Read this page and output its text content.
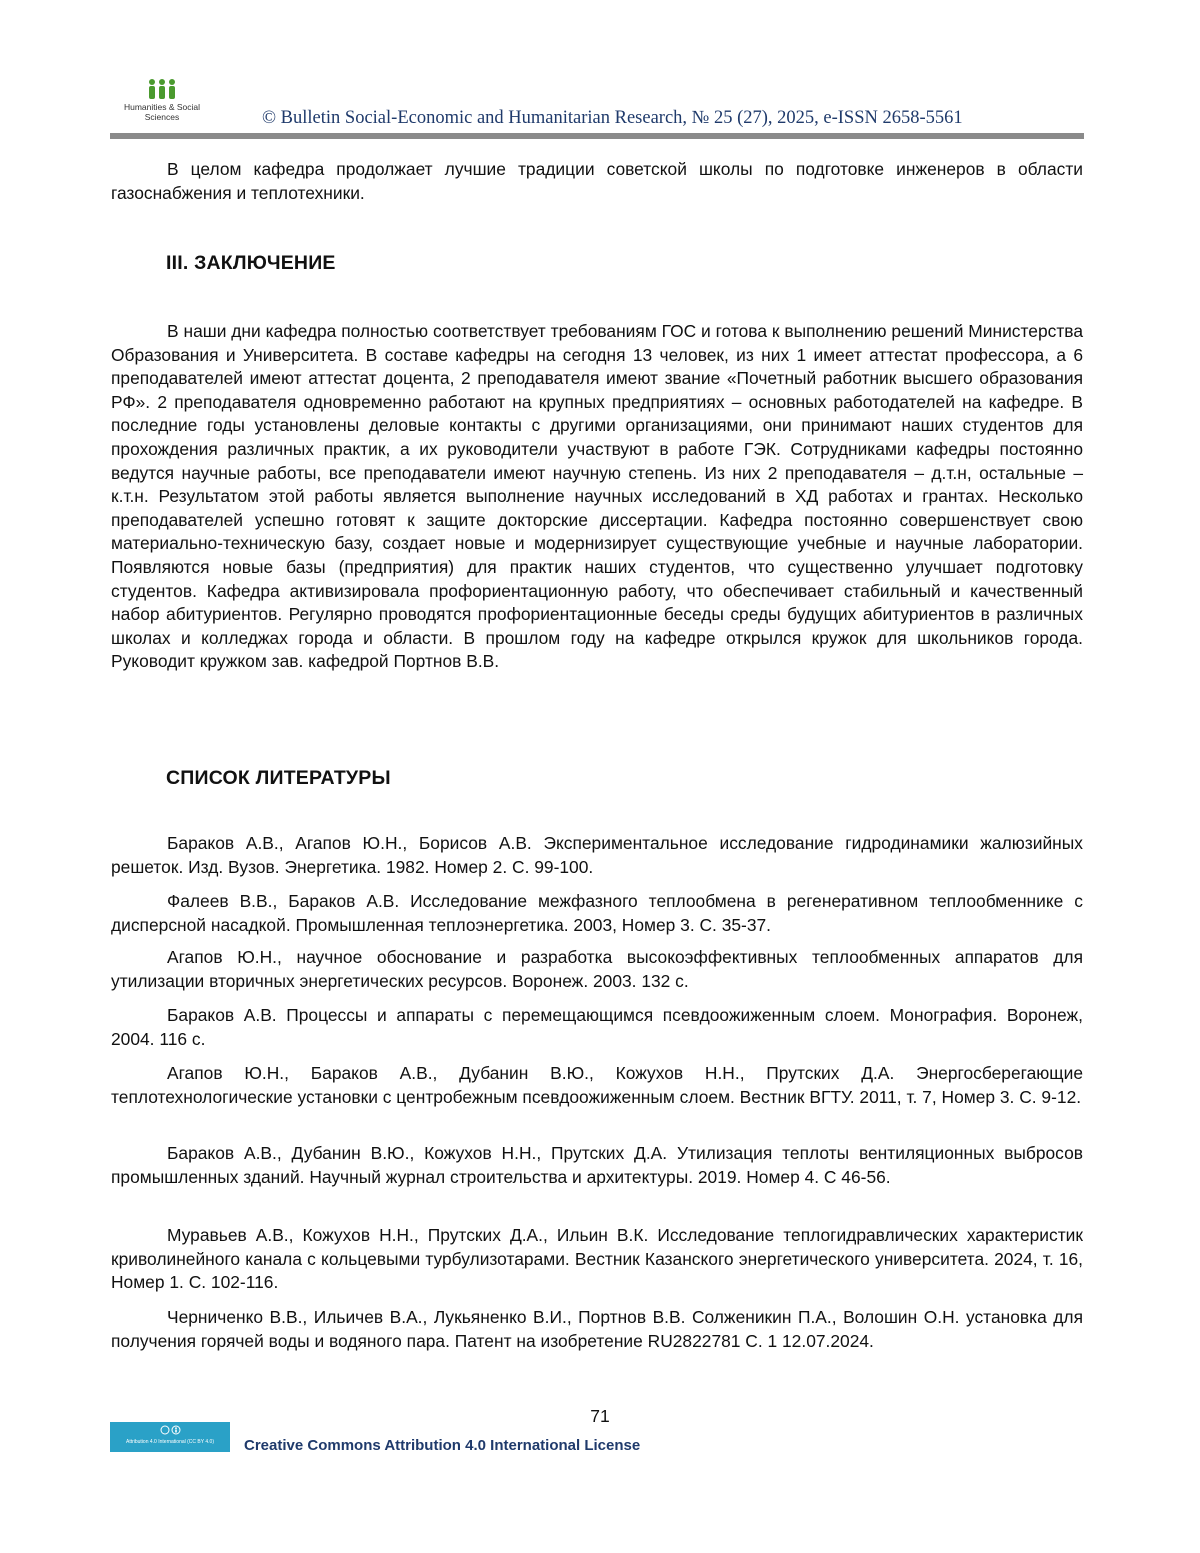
Humanities & Social
Sciences	© Bulletin Social-Economic and Humanitarian Research, № 25 (27), 2025, e-ISSN 2658-5561

В целом кафедра продолжает лучшие традиции советской школы по подготовке инженеров в области газоснабжения и теплотехники.

III. ЗАКЛЮЧЕНИЕ

В наши дни кафедра полностью соответствует требованиям ГОС и готова к выполнению решений Министерства Образования и Университета. В составе кафедры на сегодня 13 человек, из них 1 имеет аттестат профессора, а 6 преподавателей имеют аттестат доцента, 2 преподавателя имеют звание «Почетный работник высшего образования РФ». 2 преподавателя одновременно работают на крупных предприятиях – основных работодателей на кафедре. В последние годы установлены деловые контакты с другими организациями, они принимают наших студентов для прохождения различных практик, а их руководители участвуют в работе ГЭК. Сотрудниками кафедры постоянно ведутся научные работы, все преподаватели имеют научную степень. Из них 2 преподавателя – д.т.н, остальные – к.т.н. Результатом этой работы является выполнение научных исследований в ХД работах и грантах. Несколько преподавателей успешно готовят к защите докторские диссертации. Кафедра постоянно совершенствует свою материально-техническую базу, создает новые и модернизирует существующие учебные и научные лаборатории. Появляются новые базы (предприятия) для практик наших студентов, что существенно улучшает подготовку студентов. Кафедра активизировала профориентационную работу, что обеспечивает стабильный и качественный набор абитуриентов. Регулярно проводятся профориентационные беседы среды будущих абитуриентов в различных школах и колледжах города и области. В прошлом году на кафедре открылся кружок для школьников города. Руководит кружком зав. кафедрой Портнов В.В.

СПИСОК ЛИТЕРАТУРЫ

Бараков А.В., Агапов Ю.Н., Борисов А.В. Экспериментальное исследование гидродинамики жалюзийных решеток. Изд. Вузов. Энергетика. 1982. Номер 2. С. 99-100.

Фалеев В.В., Бараков А.В. Исследование межфазного теплообмена в регенеративном теплообменнике с дисперсной насадкой. Промышленная теплоэнергетика. 2003, Номер 3. С. 35-37.

Агапов Ю.Н., научное обоснование и разработка высокоэффективных теплообменных аппаратов для утилизации вторичных энергетических ресурсов. Воронеж. 2003. 132 с.

Бараков А.В. Процессы и аппараты с перемещающимся псевдоожиженным слоем. Монография. Воронеж, 2004. 116 с.

Агапов Ю.Н., Бараков А.В., Дубанин В.Ю., Кожухов Н.Н., Прутских Д.А. Энергосберегающие теплотехнологические установки с центробежным псевдоожиженным слоем. Вестник ВГТУ. 2011, т. 7, Номер 3. С. 9-12.

Бараков А.В., Дубанин В.Ю., Кожухов Н.Н., Прутских Д.А. Утилизация теплоты вентиляционных выбросов промышленных зданий. Научный журнал строительства и архитектуры. 2019. Номер 4. С 46-56.

Муравьев А.В., Кожухов Н.Н., Прутских Д.А., Ильин В.К. Исследование теплогидравлических характеристик криволинейного канала с кольцевыми турбулизотарами. Вестник Казанского энергетического университета. 2024, т. 16, Номер 1. С. 102-116.

Черниченко В.В., Ильичев В.А., Лукьяненко В.И., Портнов В.В. Солженикин П.А., Волошин О.Н. установка для получения горячей воды и водяного пара. Патент на изобретение RU2822781 C. 1 12.07.2024.

71
Attribution 4.0 International (CC BY 4.0)	Creative Commons Attribution 4.0 International License
